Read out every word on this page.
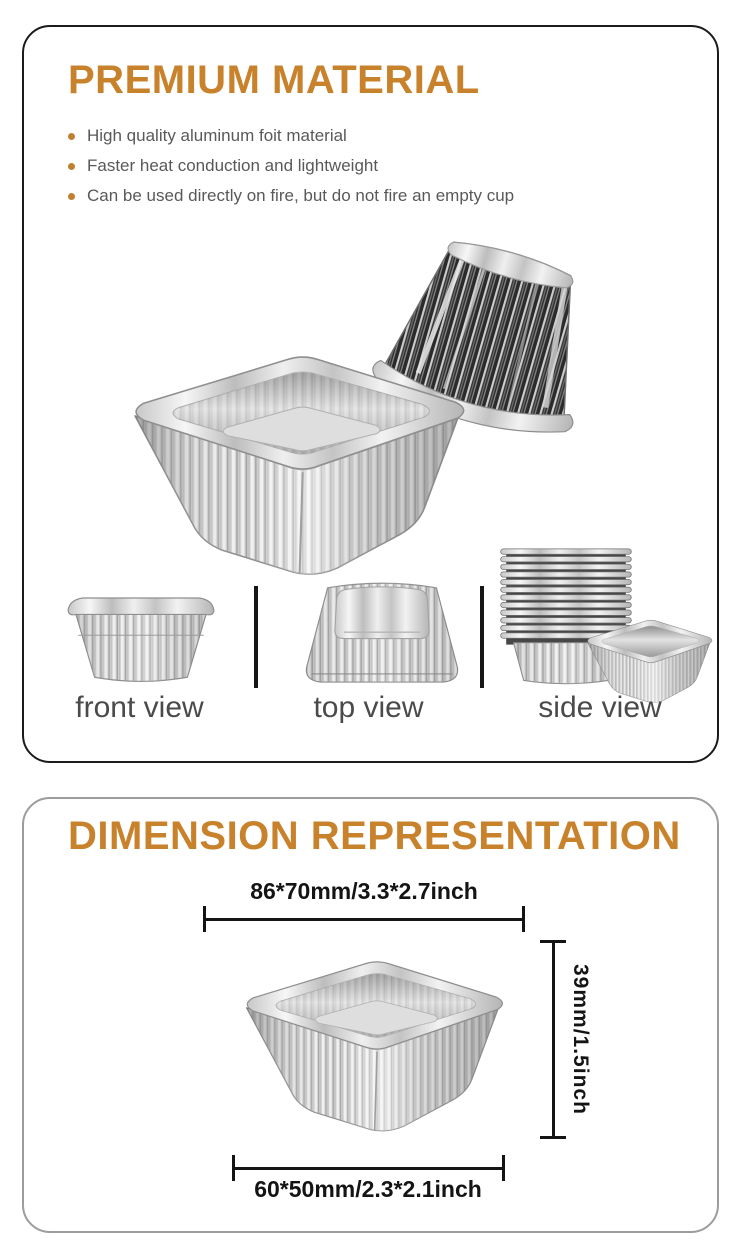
PREMIUM MATERIAL
High quality aluminum foit material
Faster heat conduction and lightweight
Can be used directly on fire, but do not fire an empty cup
front view	top view	side view
DIMENSION REPRESENTATION
86*70mm/3.3*2.7inch
39mm/1.5inch
60*50mm/2.3*2.1inch
